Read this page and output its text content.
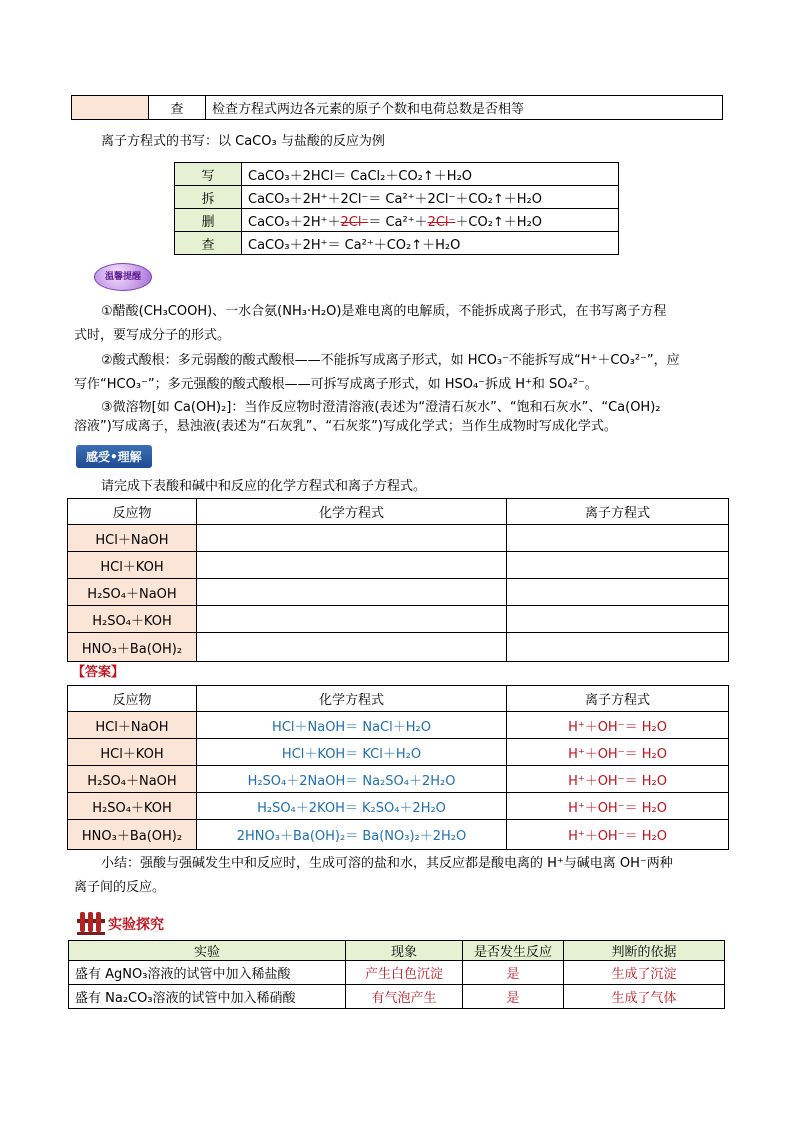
	查	检查方程式两边各元素的原子个数和电荷总数是否相等
离子方程式的书写：以 CaCO₃ 与盐酸的反应为例
写	CaCO₃＋2HCl＝ CaCl₂＋CO₂↑＋H₂O
拆	CaCO₃＋2H⁺＋2Cl⁻＝ Ca²⁺＋2Cl⁻＋CO₂↑＋H₂O
删	CaCO₃＋2H⁺＋2Cl⁻＝ Ca²⁺＋2Cl⁻＋CO₂↑＋H₂O
查	CaCO₃＋2H⁺＝ Ca²⁺＋CO₂↑＋H₂O
温馨提醒
①醋酸(CH₃COOH)、一水合氨(NH₃·H₂O)是难电离的电解质，不能拆成离子形式，在书写离子方程
式时，要写成分子的形式。
②酸式酸根：多元弱酸的酸式酸根——不能拆写成离子形式，如 HCO₃⁻不能拆写成“H⁺＋CO₃²⁻”，应
写作“HCO₃⁻”；多元强酸的酸式酸根——可拆写成离子形式，如 HSO₄⁻拆成 H⁺和 SO₄²⁻。
③微溶物[如 Ca(OH)₂]：当作反应物时澄清溶液(表述为“澄清石灰水”、“饱和石灰水”、“Ca(OH)₂
溶液”)写成离子，悬浊液(表述为“石灰乳”、“石灰浆”)写成化学式；当作生成物时写成化学式。
感受•理解
请完成下表酸和碱中和反应的化学方程式和离子方程式。
反应物	化学方程式	离子方程式
HCl＋NaOH		
HCl＋KOH		
H₂SO₄＋NaOH		
H₂SO₄＋KOH		
HNO₃＋Ba(OH)₂		
【答案】
反应物	化学方程式	离子方程式
HCl＋NaOH	HCl＋NaOH＝ NaCl＋H₂O	H⁺＋OH⁻＝ H₂O
HCl＋KOH	HCl＋KOH＝ KCl＋H₂O	H⁺＋OH⁻＝ H₂O
H₂SO₄＋NaOH	H₂SO₄＋2NaOH＝ Na₂SO₄＋2H₂O	H⁺＋OH⁻＝ H₂O
H₂SO₄＋KOH	H₂SO₄＋2KOH＝ K₂SO₄＋2H₂O	H⁺＋OH⁻＝ H₂O
HNO₃＋Ba(OH)₂	2HNO₃＋Ba(OH)₂＝ Ba(NO₃)₂＋2H₂O	H⁺＋OH⁻＝ H₂O
小结：强酸与强碱发生中和反应时，生成可溶的盐和水，其反应都是酸电离的 H⁺与碱电离 OH⁻两种
离子间的反应。
实验探究
实验	现象	是否发生反应	判断的依据
盛有 AgNO₃溶液的试管中加入稀盐酸	产生白色沉淀	是	生成了沉淀
盛有 Na₂CO₃溶液的试管中加入稀硝酸	有气泡产生	是	生成了气体
